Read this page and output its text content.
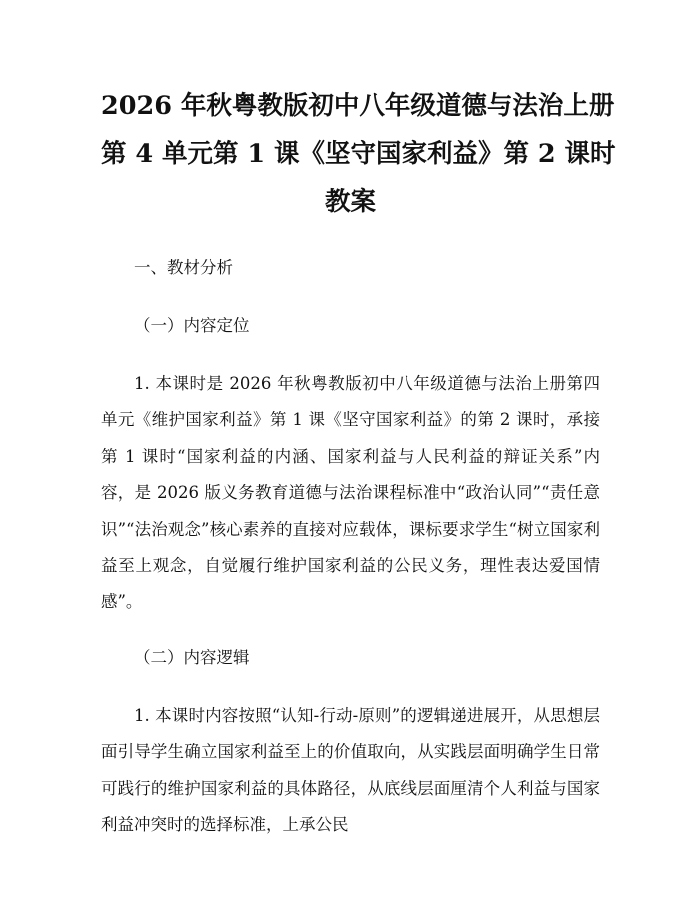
2026 年秋粤教版初中八年级道德与法治上册
第 4 单元第 1 课《坚守国家利益》第 2 课时
教案

一、教材分析

（一）内容定位

1. 本课时是 2026 年秋粤教版初中八年级道德与法治上册第四单元《维护国家利益》第 1 课《坚守国家利益》的第 2 课时，承接第 1 课时“国家利益的内涵、国家利益与人民利益的辩证关系”内容，是 2026 版义务教育道德与法治课程标准中“政治认同”“责任意识”“法治观念”核心素养的直接对应载体，课标要求学生“树立国家利益至上观念，自觉履行维护国家利益的公民义务，理性表达爱国情感”。

（二）内容逻辑

1. 本课时内容按照“认知-行动-原则”的逻辑递进展开，从思想层面引导学生确立国家利益至上的价值取向，从实践层面明确学生日常可践行的维护国家利益的具体路径，从底线层面厘清个人利益与国家利益冲突时的选择标准，上承公民
